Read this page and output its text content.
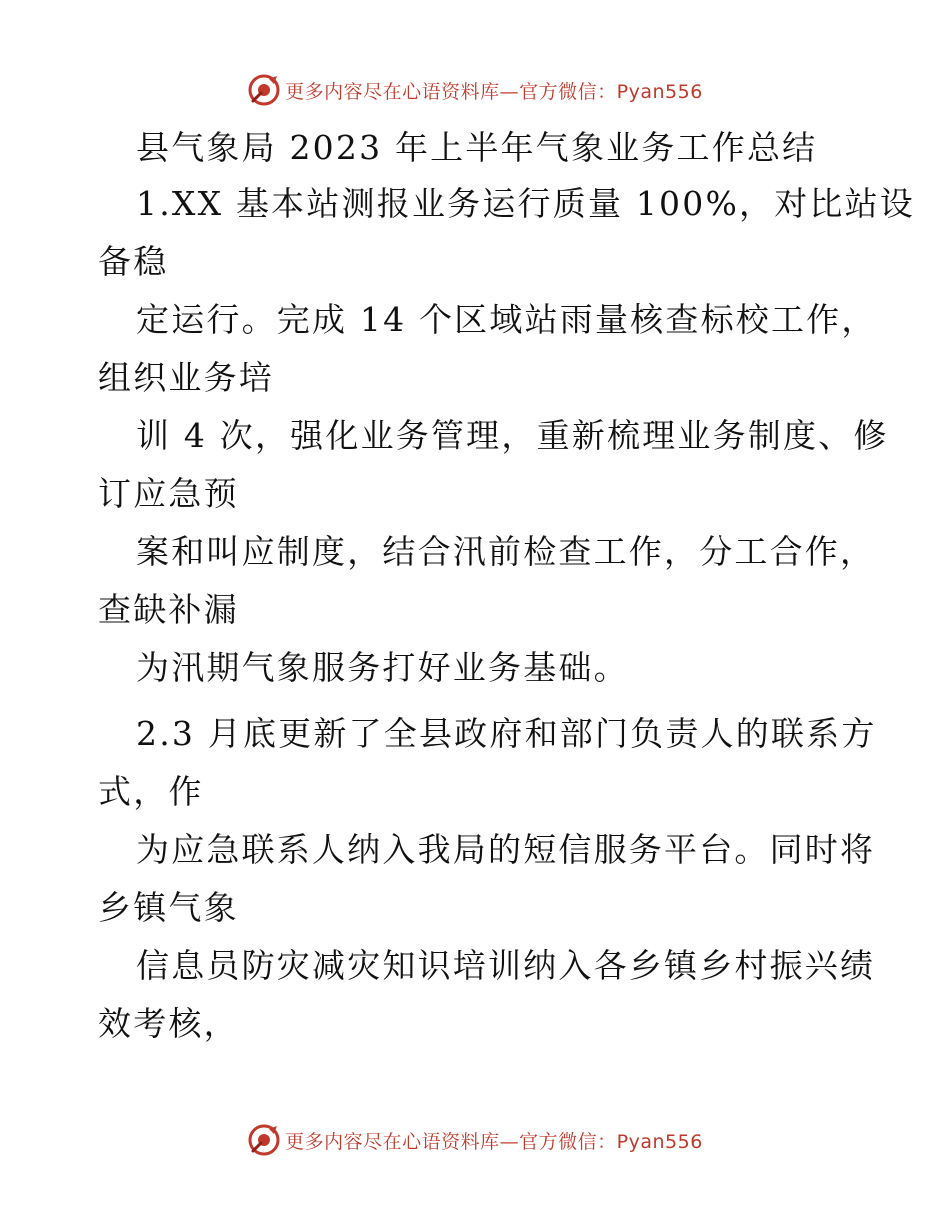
更多内容尽在心语资料库—官方微信：Pyan556
县气象局 2023 年上半年气象业务工作总结
1.XX 基本站测报业务运行质量 100%，对比站设
备稳
定运行。完成 14 个区域站雨量核查标校工作，
组织业务培
训 4 次，强化业务管理，重新梳理业务制度、修
订应急预
案和叫应制度，结合汛前检查工作，分工合作，
查缺补漏
为汛期气象服务打好业务基础。
2.3 月底更新了全县政府和部门负责人的联系方
式，作
为应急联系人纳入我局的短信服务平台。同时将
乡镇气象
信息员防灾减灾知识培训纳入各乡镇乡村振兴绩
效考核，
更多内容尽在心语资料库—官方微信：Pyan556
